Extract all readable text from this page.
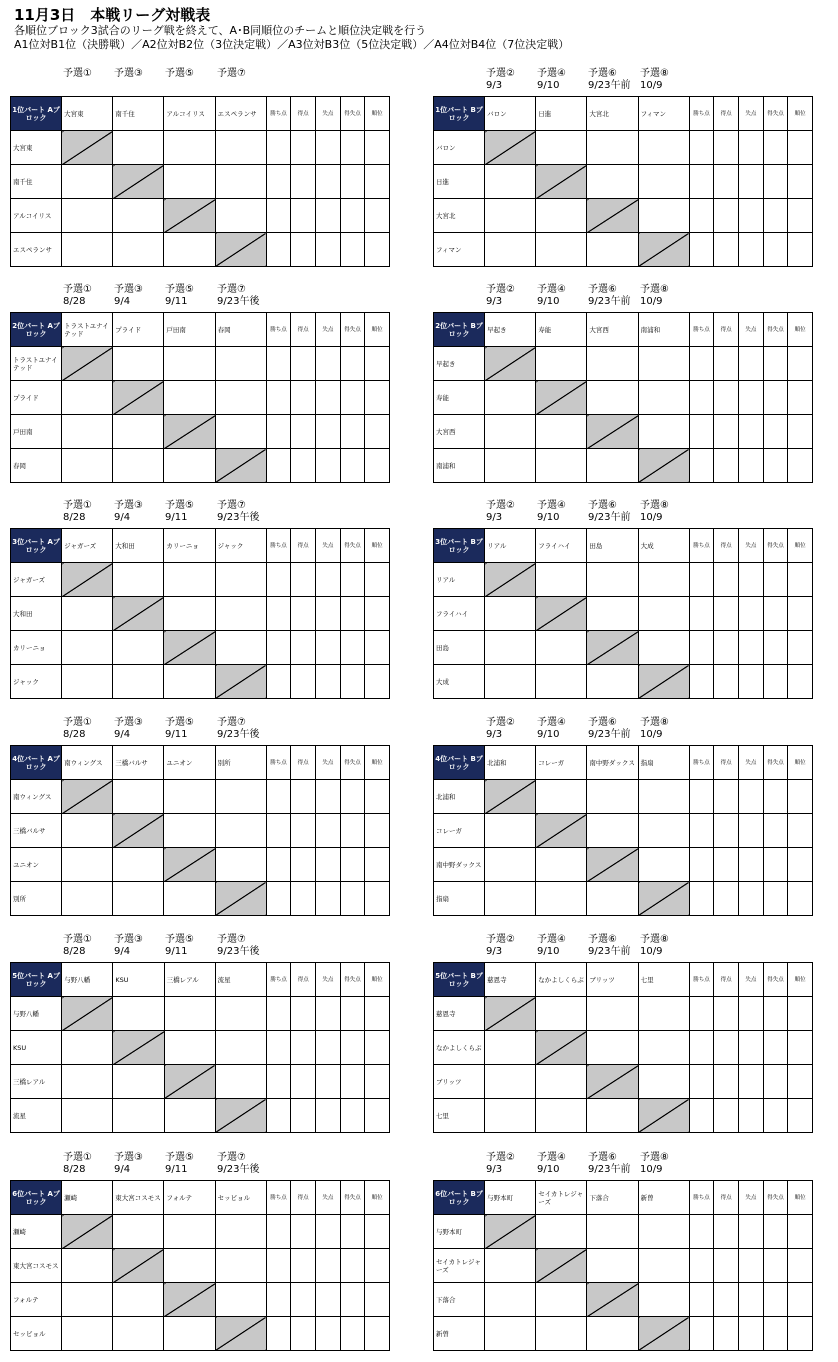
11月3日　本戦リーグ対戦表
各順位ブロック3試合のリーグ戦を終えて、A･B同順位のチームと順位決定戦を行う
A1位対B1位（決勝戦）／A2位対B2位（3位決定戦）／A3位対B3位（5位決定戦）／A4位対B4位（7位決定戦）
予選① 予選③ 予選⑤ 予選⑦
1位パート Aブロック	大宮東	南千住	アルコイリス	エスペランサ	勝ち点	得点	失点	得失点	順位
大宮東									
南千住									
アルコイリス									
エスペランサ									
予選②
9/3
予選④
9/10
予選⑥
9/23午前
予選⑧
10/9
1位パート Bブロック	バロン	日進	大宮北	フィマン	勝ち点	得点	失点	得失点	順位
バロン									
日進									
大宮北									
フィマン									
予選①
8/28
予選③
9/4
予選⑤
9/11
予選⑦
9/23午後
2位パート Aブロック	トラストユナイテッド	プライド	戸田南	春岡	勝ち点	得点	失点	得失点	順位
トラストユナイテッド									
プライド									
戸田南									
春岡									
予選②
9/3
予選④
9/10
予選⑥
9/23午前
予選⑧
10/9
2位パート Bブロック	早起き	寿能	大宮西	南浦和	勝ち点	得点	失点	得失点	順位
早起き									
寿能									
大宮西									
南浦和									
予選①
8/28
予選③
9/4
予選⑤
9/11
予選⑦
9/23午後
3位パート Aブロック	ジャガーズ	大和田	カリーニョ	ジャック	勝ち点	得点	失点	得失点	順位
ジャガーズ									
大和田									
カリーニョ									
ジャック									
予選②
9/3
予選④
9/10
予選⑥
9/23午前
予選⑧
10/9
3位パート Bブロック	リアル	フライハイ	田島	大成	勝ち点	得点	失点	得失点	順位
リアル									
フライハイ									
田島									
大成									
予選①
8/28
予選③
9/4
予選⑤
9/11
予選⑦
9/23午後
4位パート Aブロック	南ウィングス	三橋バルサ	ユニオン	別所	勝ち点	得点	失点	得失点	順位
南ウィングス									
三橋バルサ									
ユニオン									
別所									
予選②
9/3
予選④
9/10
予選⑥
9/23午前
予選⑧
10/9
4位パート Bブロック	北浦和	コレーガ	南中野ダックス	指扇	勝ち点	得点	失点	得失点	順位
北浦和									
コレーガ									
南中野ダックス									
指扇									
予選①
8/28
予選③
9/4
予選⑤
9/11
予選⑦
9/23午後
5位パート Aブロック	与野八幡	KSU	三橋レアル	流星	勝ち点	得点	失点	得失点	順位
与野八幡									
KSU									
三橋レアル									
流星									
予選②
9/3
予選④
9/10
予選⑥
9/23午前
予選⑧
10/9
5位パート Bブロック	慈恩寺	なかよしくらぶ	ブリッツ	七里	勝ち点	得点	失点	得失点	順位
慈恩寺									
なかよしくらぶ									
ブリッツ									
七里									
予選①
8/28
予選③
9/4
予選⑤
9/11
予選⑦
9/23午後
6位パート Aブロック	瀬崎	東大宮コスモス	フォルテ	セッビョル	勝ち点	得点	失点	得失点	順位
瀬崎									
東大宮コスモス									
フォルテ									
セッビョル									
予選②
9/3
予選④
9/10
予選⑥
9/23午前
予選⑧
10/9
6位パート Bブロック	与野本町	セイカトレジャーズ	下落合	新曽	勝ち点	得点	失点	得失点	順位
与野本町									
セイカトレジャーズ									
下落合									
新曽									
